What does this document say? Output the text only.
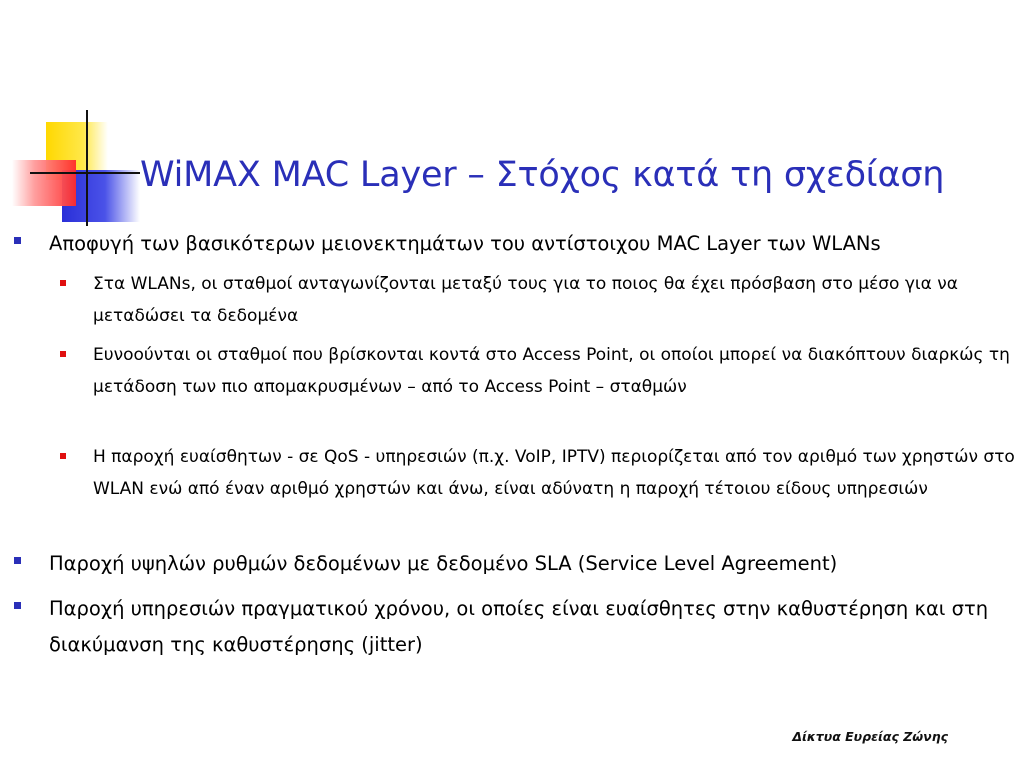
WiMAX MAC Layer – Στόχος κατά τη σχεδίαση
Αποφυγή των βασικότερων μειονεκτημάτων του αντίστοιχου MAC Layer των WLANs
Στα WLANs, οι σταθμοί ανταγωνίζονται μεταξύ τους για το ποιος θα έχει πρόσβαση στο μέσο για να μεταδώσει τα δεδομένα
Ευνοούνται οι σταθμοί που βρίσκονται κοντά στο Access Point, οι οποίοι μπορεί να διακόπτουν διαρκώς τη μετάδοση των πιο απομακρυσμένων – από το Access Point – σταθμών
Η παροχή ευαίσθητων - σε QoS - υπηρεσιών (π.χ. VoIP, IPTV) περιορίζεται από τον αριθμό των χρηστών στο WLAN ενώ από έναν αριθμό χρηστών και άνω, είναι αδύνατη η παροχή τέτοιου είδους υπηρεσιών
Παροχή υψηλών ρυθμών δεδομένων με δεδομένο SLA (Service Level Agreement)
Παροχή υπηρεσιών πραγματικού χρόνου, οι οποίες είναι ευαίσθητες στην καθυστέρηση και στη διακύμανση της καθυστέρησης (jitter)
Δίκτυα Ευρείας Ζώνης
